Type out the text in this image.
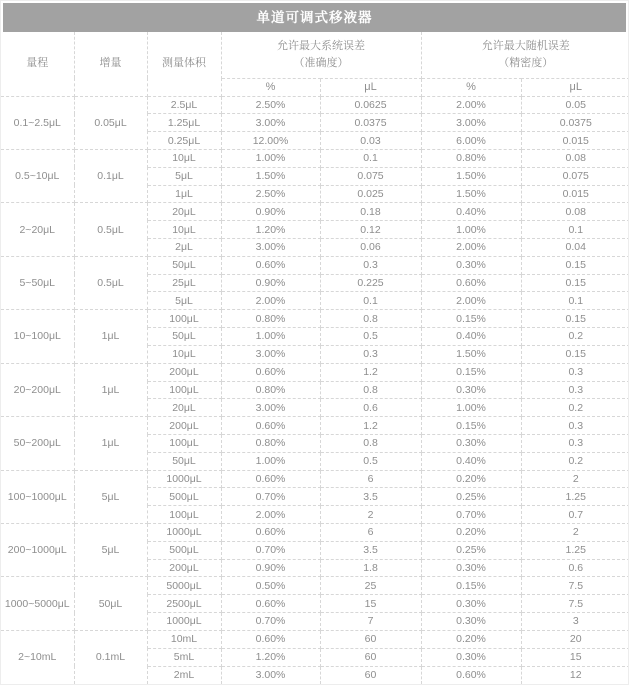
单道可调式移液器
量程	增量	测量体积	允许最大系统误差
（准确度）		允许最大随机误差
（精密度）	

			%	μL	%	μL
0.1~2.5μL	0.05μL	2.5μL	2.50%	0.0625	2.00%	0.05
		1.25μL	3.00%	0.0375	3.00%	0.0375
		0.25μL	12.00%	0.03	6.00%	0.015
0.5~10μL	0.1μL	10μL	1.00%	0.1	0.80%	0.08
		5μL	1.50%	0.075	1.50%	0.075
		1μL	2.50%	0.025	1.50%	0.015
2~20μL	0.5μL	20μL	0.90%	0.18	0.40%	0.08
		10μL	1.20%	0.12	1.00%	0.1
		2μL	3.00%	0.06	2.00%	0.04
5~50μL	0.5μL	50μL	0.60%	0.3	0.30%	0.15
		25μL	0.90%	0.225	0.60%	0.15
		5μL	2.00%	0.1	2.00%	0.1
10~100μL	1μL	100μL	0.80%	0.8	0.15%	0.15
		50μL	1.00%	0.5	0.40%	0.2
		10μL	3.00%	0.3	1.50%	0.15
20~200μL	1μL	200μL	0.60%	1.2	0.15%	0.3
		100μL	0.80%	0.8	0.30%	0.3
		20μL	3.00%	0.6	1.00%	0.2
50~200μL	1μL	200μL	0.60%	1.2	0.15%	0.3
		100μL	0.80%	0.8	0.30%	0.3
		50μL	1.00%	0.5	0.40%	0.2
100~1000μL	5μL	1000μL	0.60%	6	0.20%	2
		500μL	0.70%	3.5	0.25%	1.25
		100μL	2.00%	2	0.70%	0.7
200~1000μL	5μL	1000μL	0.60%	6	0.20%	2
		500μL	0.70%	3.5	0.25%	1.25
		200μL	0.90%	1.8	0.30%	0.6
1000~5000μL	50μL	5000μL	0.50%	25	0.15%	7.5
		2500μL	0.60%	15	0.30%	7.5
		1000μL	0.70%	7	0.30%	3
2~10mL	0.1mL	10mL	0.60%	60	0.20%	20
		5mL	1.20%	60	0.30%	15
		2mL	3.00%	60	0.60%	12
